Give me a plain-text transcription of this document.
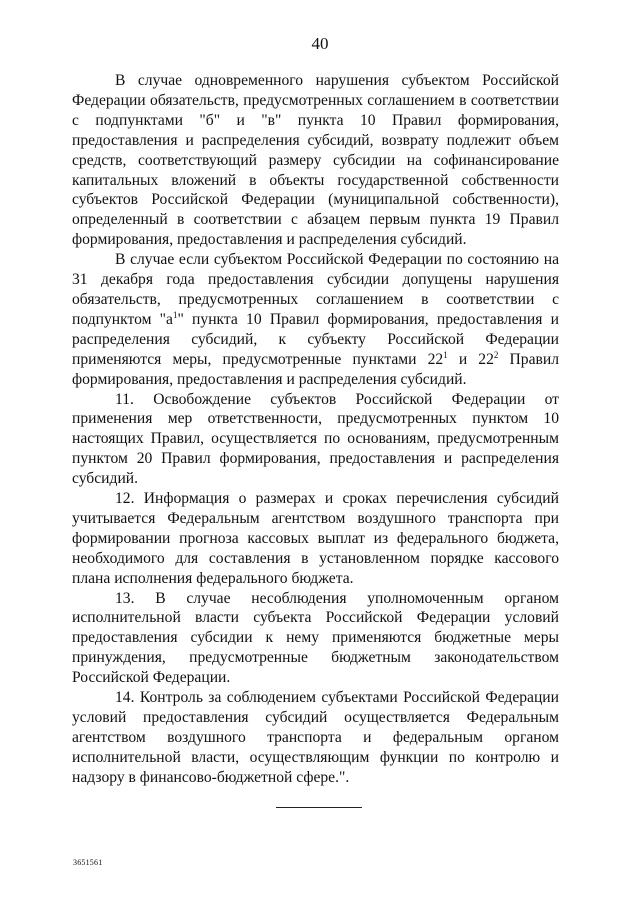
40

В случае одновременного нарушения субъектом Российской Федерации обязательств, предусмотренных соглашением в соответствии с подпунктами "б" и "в" пункта 10 Правил формирования, предоставления и распределения субсидий, возврату подлежит объем средств, соответствующий размеру субсидии на софинансирование капитальных вложений в объекты государственной собственности субъектов Российской Федерации (муниципальной собственности), определенный в соответствии с абзацем первым пункта 19 Правил формирования, предоставления и распределения субсидий.

В случае если субъектом Российской Федерации по состоянию на 31 декабря года предоставления субсидии допущены нарушения обязательств, предусмотренных соглашением в соответствии с подпунктом "$а^1$" пункта 10 Правил формирования, предоставления и распределения субсидий, к субъекту Российской Федерации применяются меры, предусмотренные пунктами $22^1$ и $22^2$ Правил формирования, предоставления и распределения субсидий.

11. Освобождение субъектов Российской Федерации от применения мер ответственности, предусмотренных пунктом 10 настоящих Правил, осуществляется по основаниям, предусмотренным пунктом 20 Правил формирования, предоставления и распределения субсидий.

12. Информация о размерах и сроках перечисления субсидий учитывается Федеральным агентством воздушного транспорта при формировании прогноза кассовых выплат из федерального бюджета, необходимого для составления в установленном порядке кассового плана исполнения федерального бюджета.

13. В случае несоблюдения уполномоченным органом исполнительной власти субъекта Российской Федерации условий предоставления субсидии к нему применяются бюджетные меры принуждения, предусмотренные бюджетным законодательством Российской Федерации.

14. Контроль за соблюдением субъектами Российской Федерации условий предоставления субсидий осуществляется Федеральным агентством воздушного транспорта и федеральным органом исполнительной власти, осуществляющим функции по контролю и надзору в финансово-бюджетной сфере.".

3651561
